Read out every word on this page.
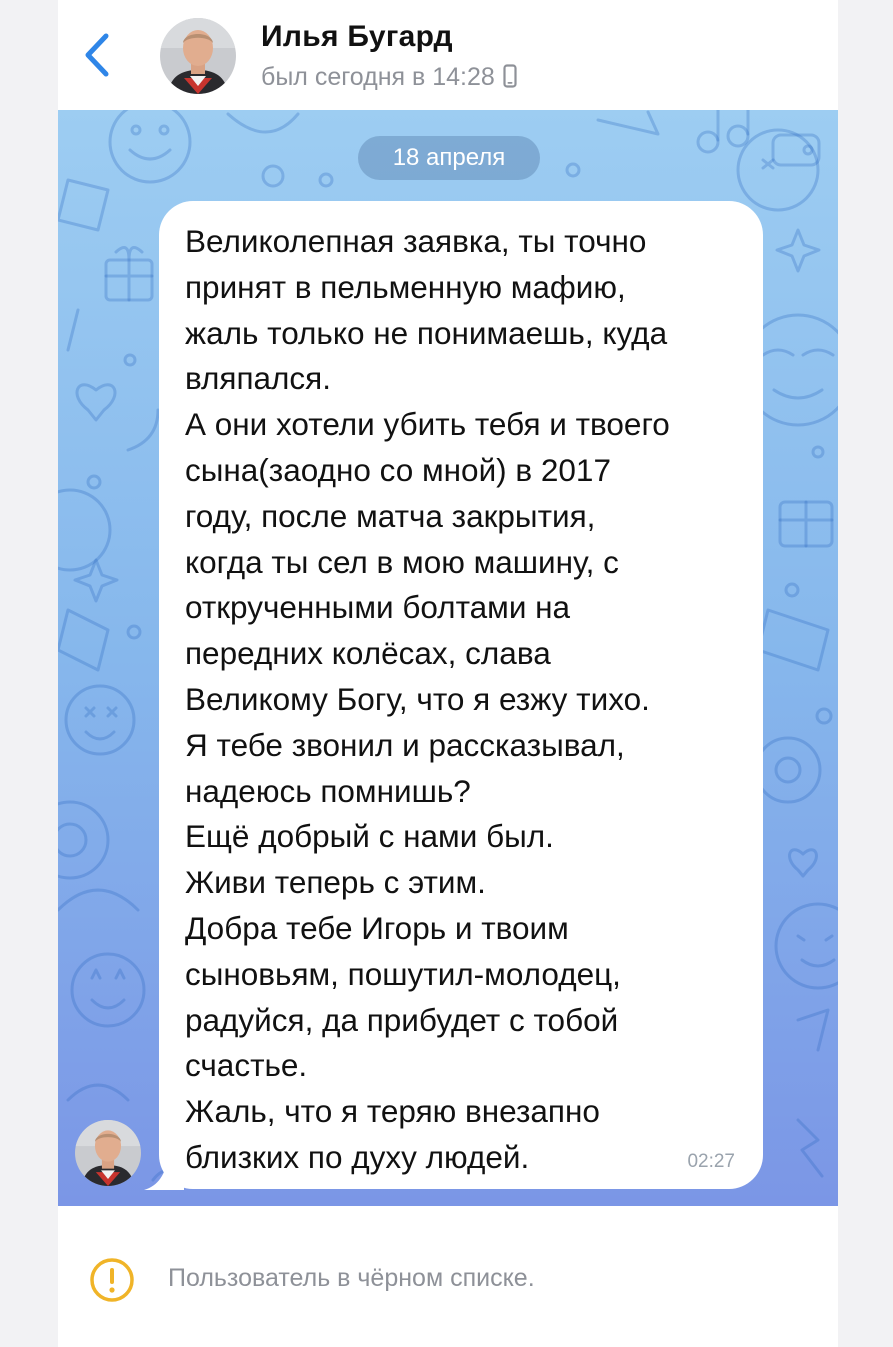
Илья Бугард
был сегодня в 14:28
18 апреля
Великолепная заявка, ты точно
принят в пельменную мафию,
жаль только не понимаешь, куда
вляпался.
А они хотели убить тебя и твоего
сына(заодно со мной) в 2017
году, после матча закрытия,
когда ты сел в мою машину, с
открученными болтами на
передних колёсах, слава
Великому Богу, что я езжу тихо.
Я тебе звонил и рассказывал,
надеюсь помнишь?
Ещё добрый с нами был.
Живи теперь с этим.
Добра тебе Игорь и твоим
сыновьям, пошутил-молодец,
радуйся, да прибудет с тобой
счастье.
Жаль, что я теряю внезапно
близких по духу людей.	02:27
Пользователь в чёрном списке.
